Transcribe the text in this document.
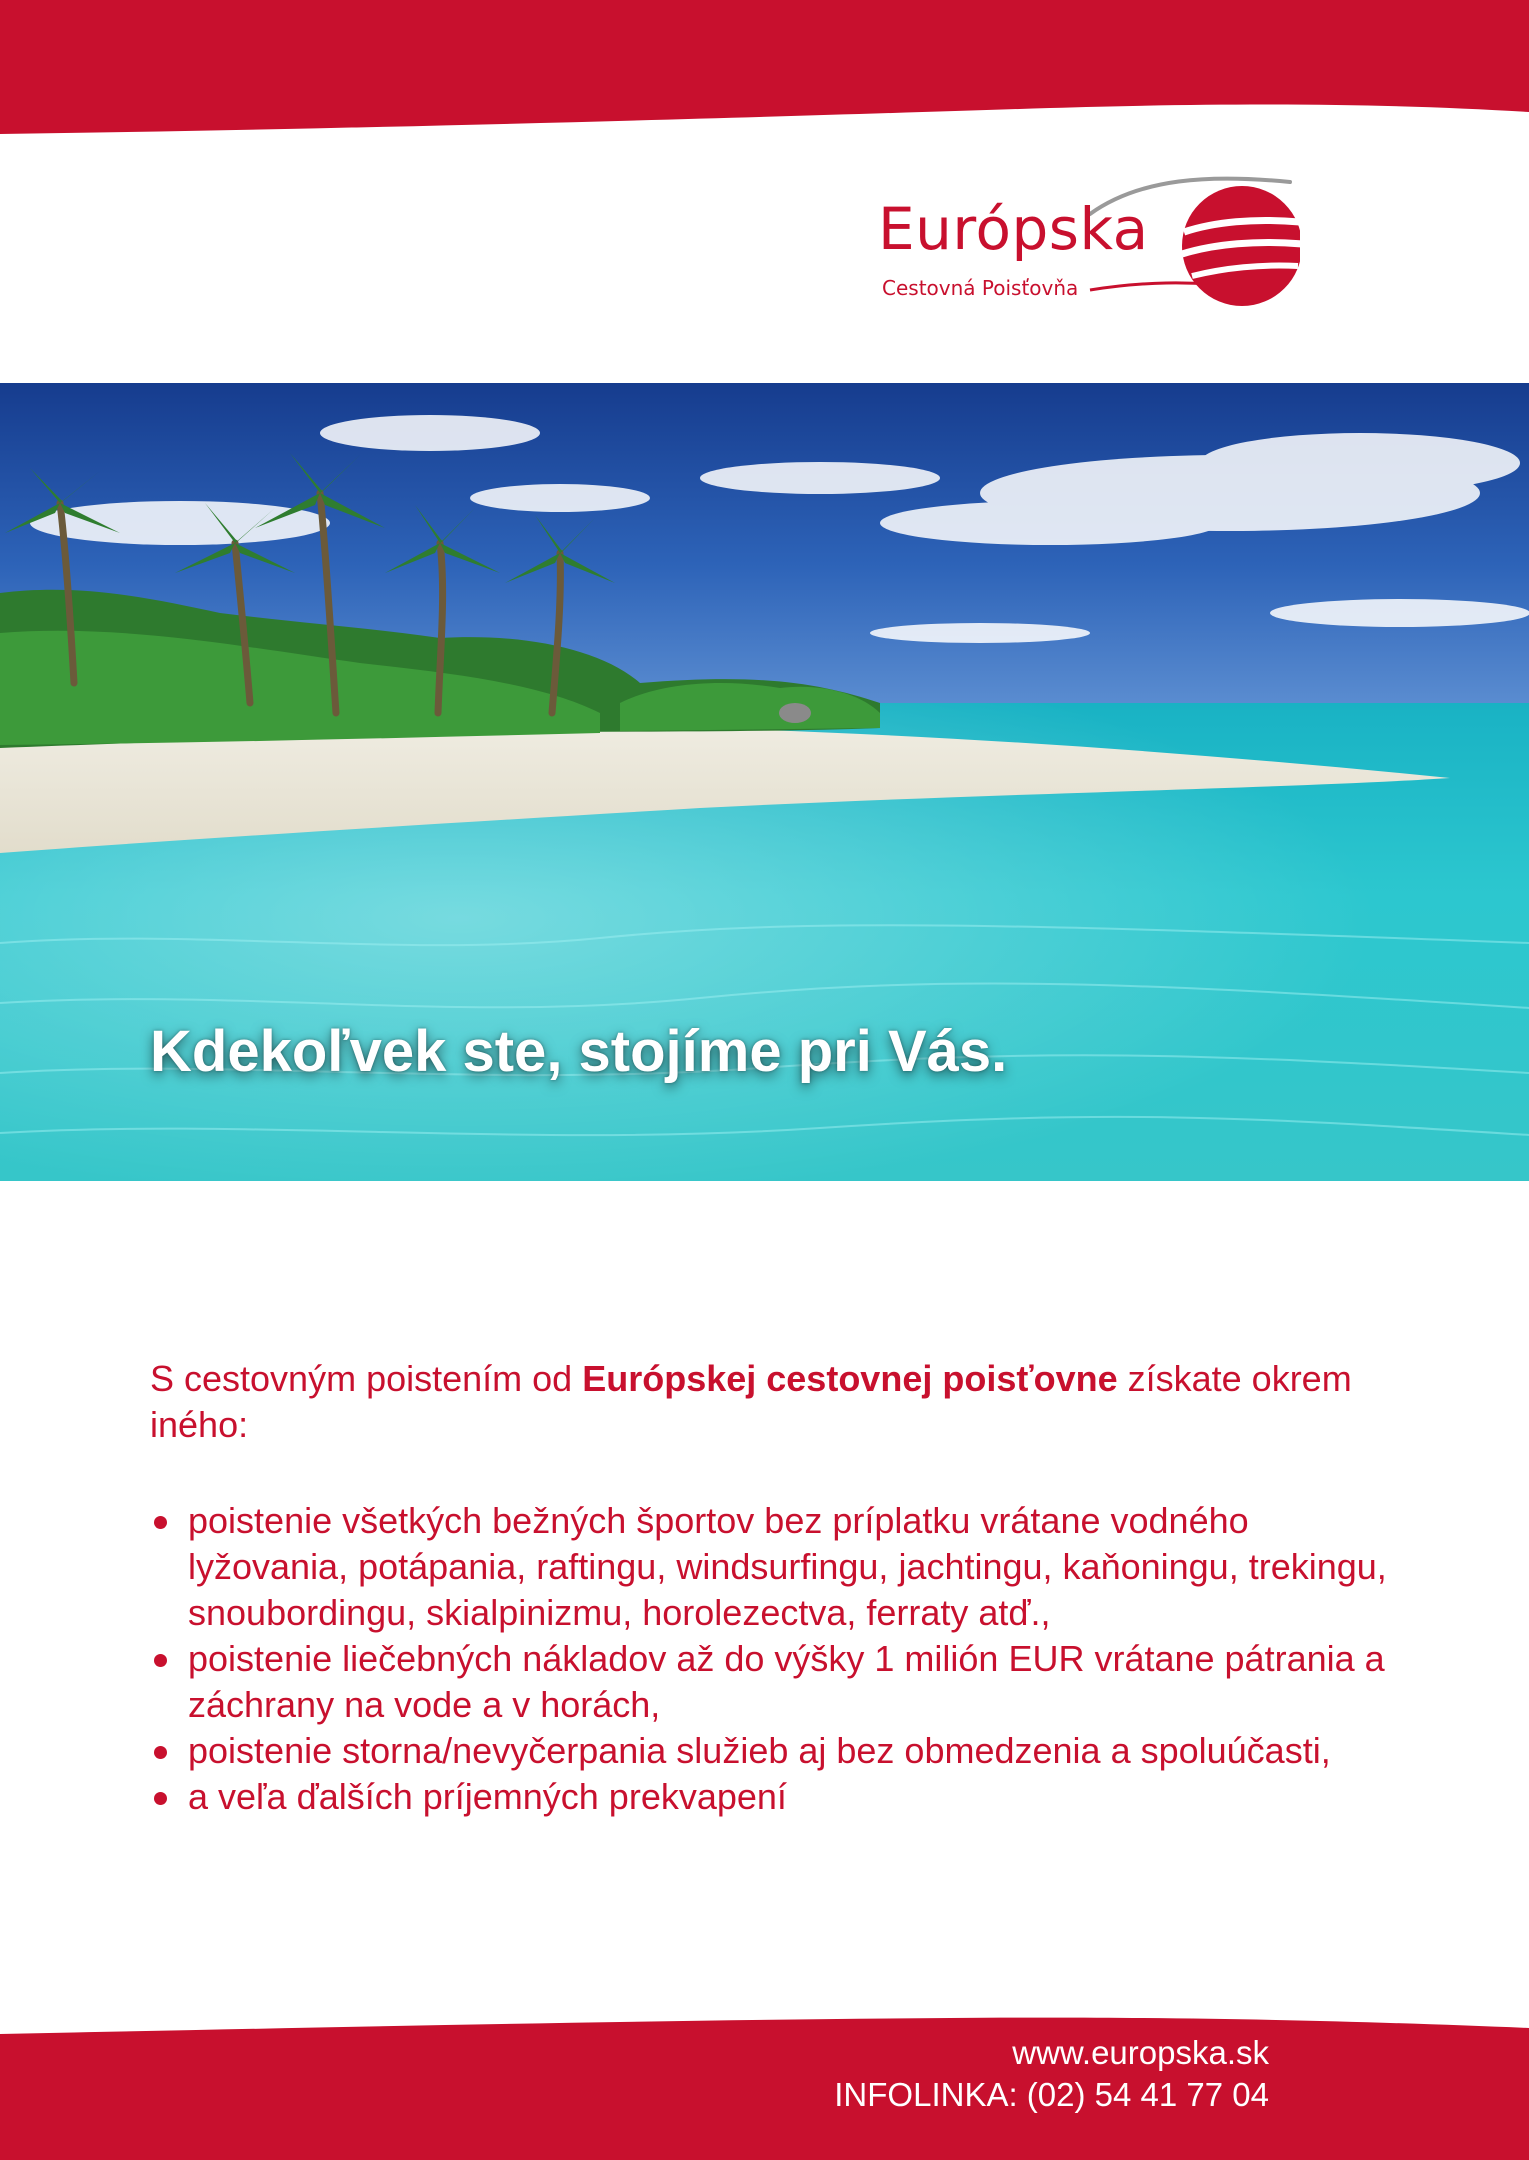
Európska
Cestovná Poisťovňa
Kdekoľvek ste, stojíme pri Vás.

S cestovným poistením od Európskej cestovnej poisťovne získate okrem iného:

poistenie všetkých bežných športov bez príplatku vrátane vodného lyžovania, potápania, raftingu, windsurfingu, jachtingu, kaňoningu, trekingu, snoubordingu, skialpinizmu, horolezectva, ferraty atď.,
poistenie liečebných nákladov až do výšky 1 milión EUR vrátane pátrania a záchrany na vode a v horách,
poistenie storna/nevyčerpania služieb aj bez obmedzenia a spoluúčasti,
a veľa ďalších príjemných prekvapení
www.europska.sk
INFOLINKA: (02) 54 41 77 04
